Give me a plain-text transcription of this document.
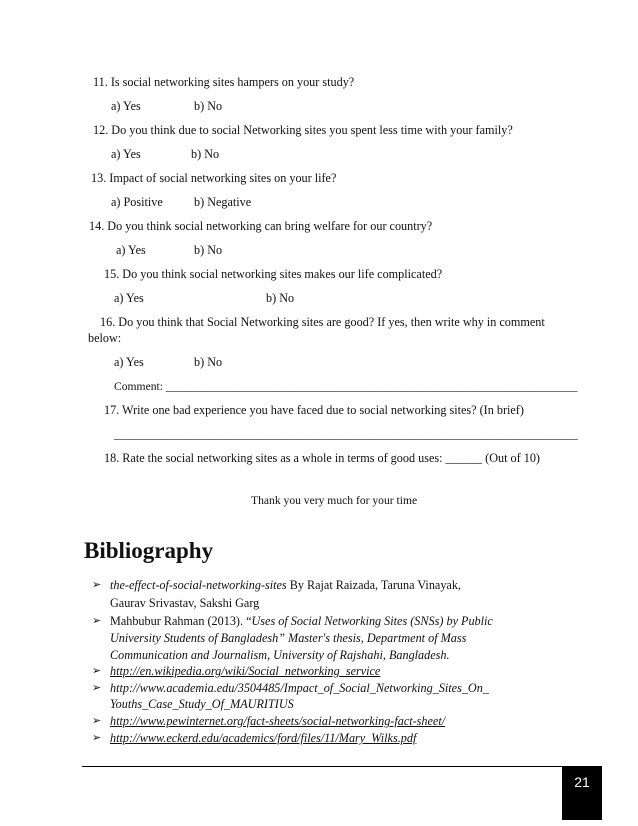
11. Is social networking sites hampers on your study?
a) Yes	b) No
12. Do you think due to social Networking sites you spent less time with your family?
a) Yes	b) No
13. Impact of social networking sites on your life?
a) Positive	b) Negative
14. Do you think social networking can bring welfare for our country?
a) Yes	b) No
15. Do you think social networking sites makes our life complicated?
a) Yes	b) No
16. Do you think that Social Networking sites are good? If yes, then write why in comment
below:
a) Yes	b) No
Comment: _______________________________________________________________________
17. Write one bad experience you have faced due to social networking sites? (In brief)
________________________________________________________________________________
18. Rate the social networking sites as a whole in terms of good uses: ______ (Out of 10)
Thank you very much for your time
Bibliography
➢ the-effect-of-social-networking-sites By Rajat Raizada, Taruna Vinayak,
Gaurav Srivastav, Sakshi Garg
➢ Mahbubur Rahman (2013). “Uses of Social Networking Sites (SNSs) by Public
University Students of Bangladesh” Master's thesis, Department of Mass
Communication and Journalism, University of Rajshahi, Bangladesh.
➢ http://en.wikipedia.org/wiki/Social_networking_service
➢ http://www.academia.edu/3504485/Impact_of_Social_Networking_Sites_On_
Youths_Case_Study_Of_MAURITIUS
➢ http://www.pewinternet.org/fact-sheets/social-networking-fact-sheet/
➢ http://www.eckerd.edu/academics/ford/files/11/Mary_Wilks.pdf
21
